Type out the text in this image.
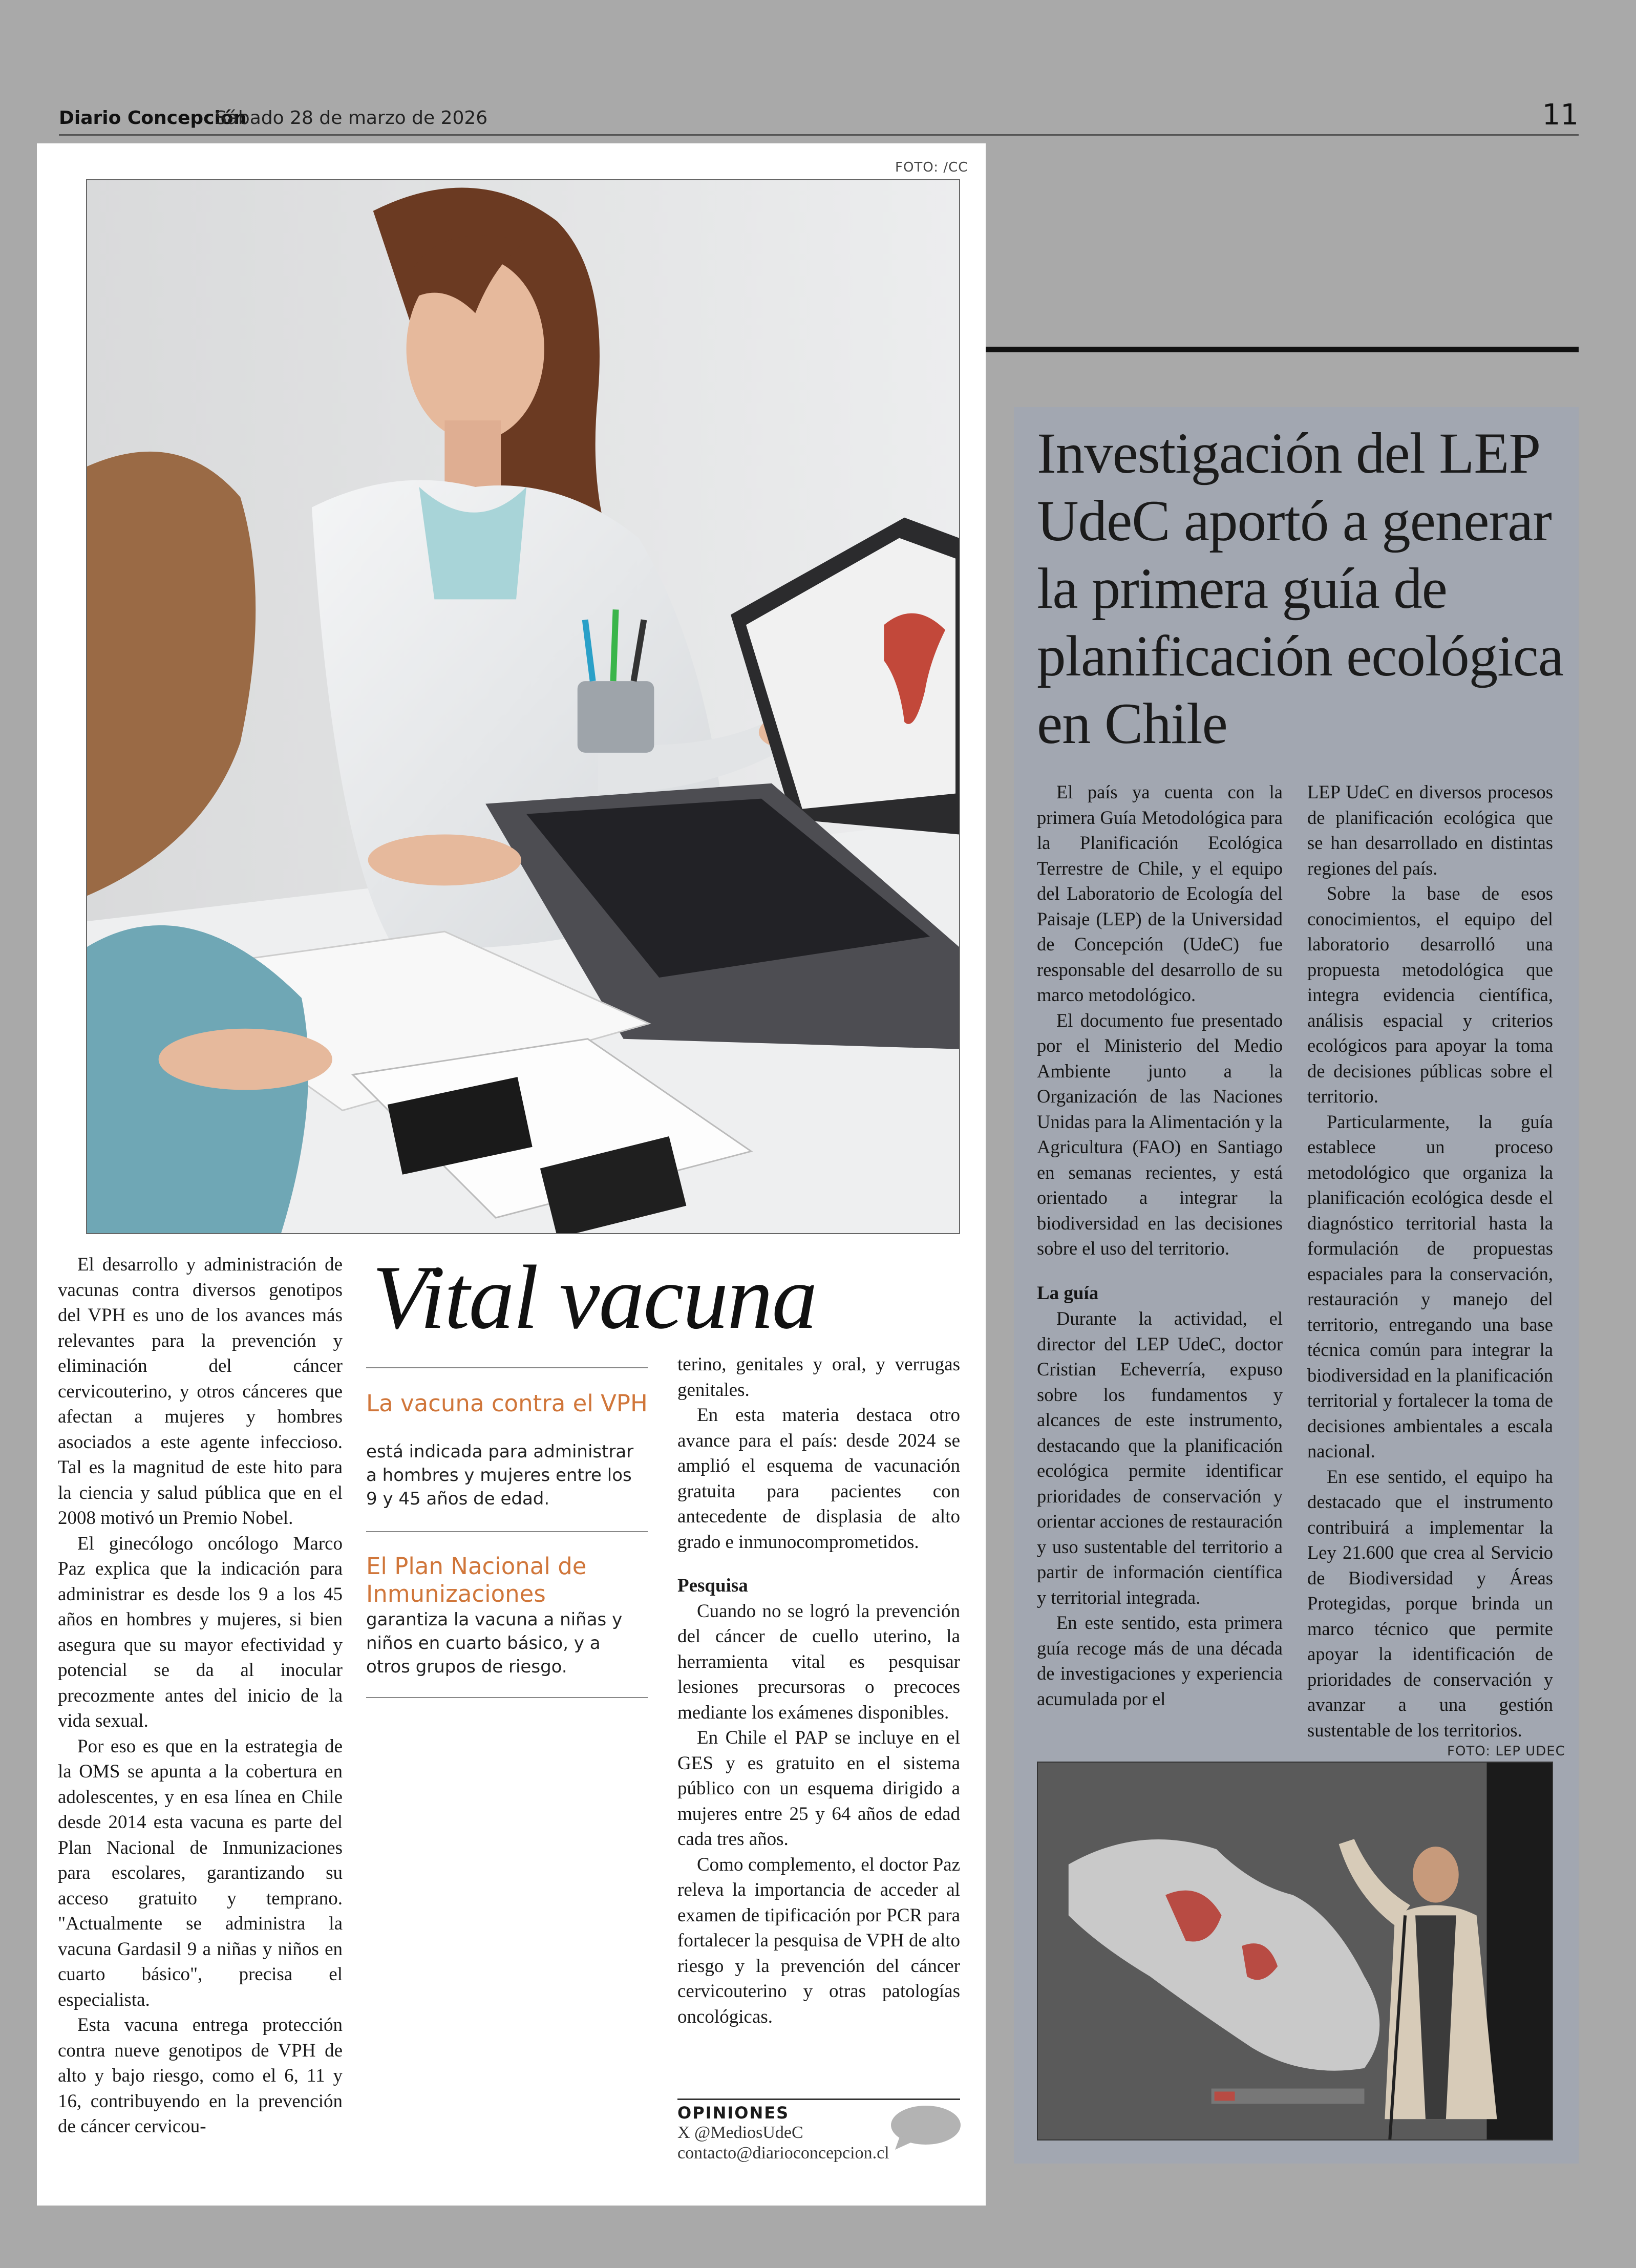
Diario Concepción
Sábado 28 de marzo de 2026	11
FOTO: /CC

El desarrollo y administración de vacunas contra diversos genotipos del VPH es uno de los avances más relevantes para la prevención y eliminación del cáncer cervicouterino, y otros cánceres que afectan a mujeres y hombres asociados a este agente infeccioso. Tal es la magnitud de este hito para la ciencia y salud pública que en el 2008 motivó un Premio Nobel.

El ginecólogo oncólogo Marco Paz explica que la indicación para administrar es desde los 9 a los 45 años en hombres y mujeres, si bien asegura que su mayor efectividad y potencial se da al inocular precozmente antes del inicio de la vida sexual.

Por eso es que en la estrategia de la OMS se apunta a la cobertura en adolescentes, y en esa línea en Chile desde 2014 esta vacuna es parte del Plan Nacional de Inmunizaciones para escolares, garantizando su acceso gratuito y temprano. "Actualmente se administra la vacuna Gardasil 9 a niñas y niños en cuarto básico", precisa el especialista.

Esta vacuna entrega protección contra nueve genotipos de VPH de alto y bajo riesgo, como el 6, 11 y 16, contribuyendo en la prevención de cáncer cervicou-

Vital vacuna
La vacuna contra el VPH
está indicada para administrar a hombres y mujeres entre los 9 y 45 años de edad.
El Plan Nacional de Inmunizaciones
garantiza la vacuna a niñas y niños en cuarto básico, y a otros grupos de riesgo.

terino, genitales y oral, y verrugas genitales.

En esta materia destaca otro avance para el país: desde 2024 se amplió el esquema de vacunación gratuita para pacientes con antecedente de displasia de alto grado e inmunocomprometidos.

Pesquisa

Cuando no se logró la prevención del cáncer de cuello uterino, la herramienta vital es pesquisar lesiones precursoras o precoces mediante los exámenes disponibles.

En Chile el PAP se incluye en el GES y es gratuito en el sistema público con un esquema dirigido a mujeres entre 25 y 64 años de edad cada tres años.

Como complemento, el doctor Paz releva la importancia de acceder al examen de tipificación por PCR para fortalecer la pesquisa de VPH de alto riesgo y la prevención del cáncer cervicouterino y otras patologías oncológicas.

OPINIONES
X @MediosUdeC
contacto@diarioconcepcion.cl
Investigación del LEP UdeC aportó a generar la primera guía de planificación ecológica en Chile

El país ya cuenta con la primera Guía Metodológica para la Planificación Ecológica Terrestre de Chile, y el equipo del Laboratorio de Ecología del Paisaje (LEP) de la Universidad de Concepción (UdeC) fue responsable del desarrollo de su marco metodológico.

El documento fue presentado por el Ministerio del Medio Ambiente junto a la Organización de las Naciones Unidas para la Alimentación y la Agricultura (FAO) en Santiago en semanas recientes, y está orientado a integrar la biodiversidad en las decisiones sobre el uso del territorio.

La guía

Durante la actividad, el director del LEP UdeC, doctor Cristian Echeverría, expuso sobre los fundamentos y alcances de este instrumento, destacando que la planificación ecológica permite identificar prioridades de conservación y orientar acciones de restauración y uso sustentable del territorio a partir de información científica y territorial integrada.

En este sentido, esta primera guía recoge más de una década de investigaciones y experiencia acumulada por el

LEP UdeC en diversos procesos de planificación ecológica que se han desarrollado en distintas regiones del país.

Sobre la base de esos conocimientos, el equipo del laboratorio desarrolló una propuesta metodológica que integra evidencia científica, análisis espacial y criterios ecológicos para apoyar la toma de decisiones públicas sobre el territorio.

Particularmente, la guía establece un proceso metodológico que organiza la planificación ecológica desde el diagnóstico territorial hasta la formulación de propuestas espaciales para la conservación, restauración y manejo del territorio, entregando una base técnica común para integrar la biodiversidad en la planificación territorial y fortalecer la toma de decisiones ambientales a escala nacional.

En ese sentido, el equipo ha destacado que el instrumento contribuirá a implementar la Ley 21.600 que crea al Servicio de Biodiversidad y Áreas Protegidas, porque brinda un marco técnico que permite apoyar la identificación de prioridades de conservación y avanzar a una gestión sustentable de los territorios.

FOTO: LEP UDEC
